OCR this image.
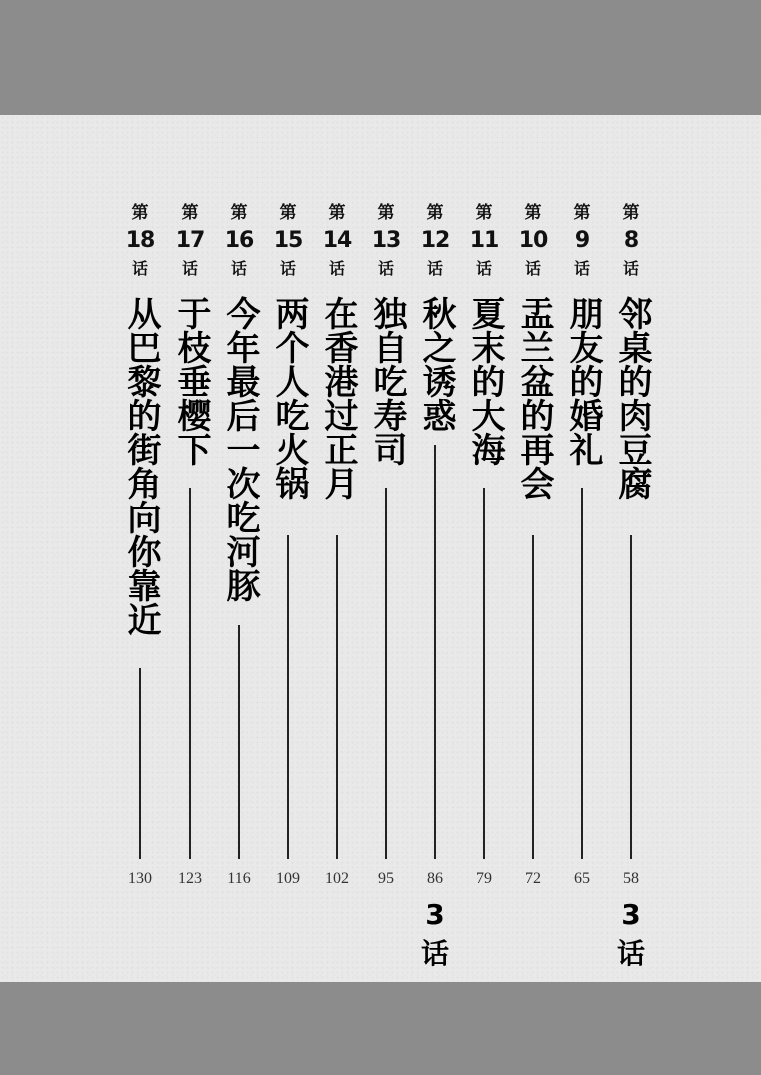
第
18
话
从巴黎的街角向你靠近
130
第
17
话
于枝垂樱下
123
第
16
话
今年最后一次吃河豚
116
第
15
话
两个人吃火锅
109
第
14
话
在香港过正月
102
第
13
话
独自吃寿司
95
第
12
话
秋之诱惑
86
3
话
第
11
话
夏末的大海
79
第
10
话
盂兰盆的再会
72
第
9
话
朋友的婚礼
65
第
8
话
邻桌的肉豆腐
58
3
话
